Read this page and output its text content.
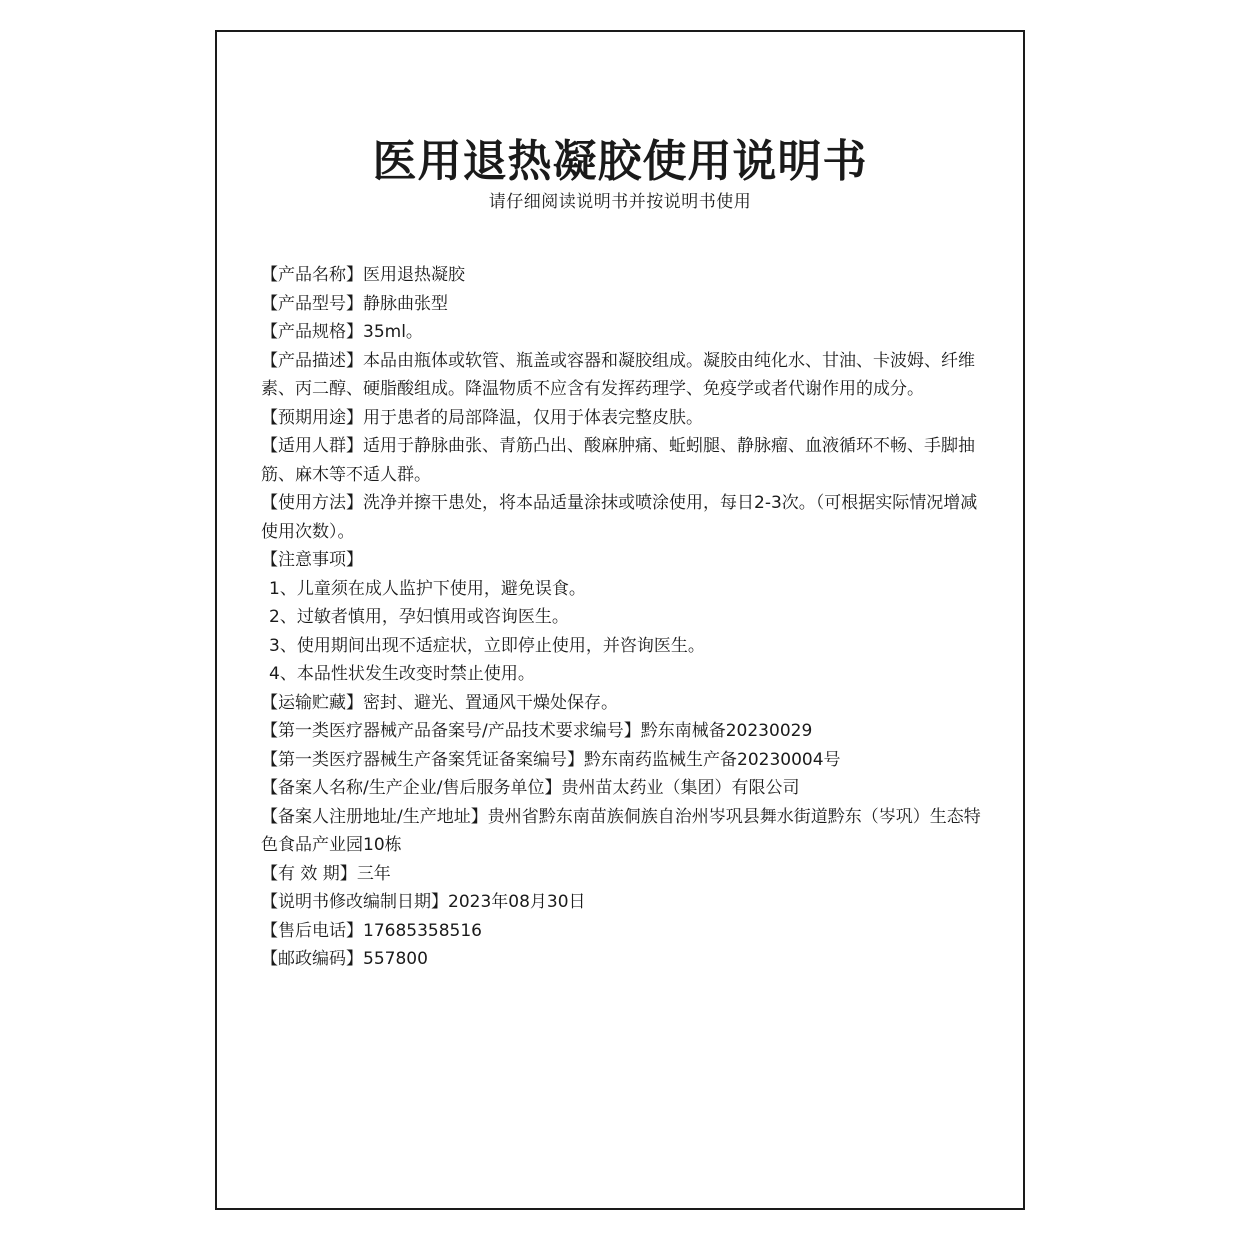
医用退热凝胶使用说明书

请仔细阅读说明书并按说明书使用

【产品名称】医用退热凝胶

【产品型号】静脉曲张型

【产品规格】35ml。

【产品描述】本品由瓶体或软管、瓶盖或容器和凝胶组成。凝胶由纯化水、甘油、卡波姆、纤维素、丙二醇、硬脂酸组成。降温物质不应含有发挥药理学、免疫学或者代谢作用的成分。

【预期用途】用于患者的局部降温，仅用于体表完整皮肤。

【适用人群】适用于静脉曲张、青筋凸出、酸麻肿痛、蚯蚓腿、静脉瘤、血液循环不畅、手脚抽筋、麻木等不适人群。

【使用方法】洗净并擦干患处，将本品适量涂抹或喷涂使用，每日2-3次。（可根据实际情况增减使用次数）。

【注意事项】

1、儿童须在成人监护下使用，避免误食。

2、过敏者慎用，孕妇慎用或咨询医生。

3、使用期间出现不适症状，立即停止使用，并咨询医生。

4、本品性状发生改变时禁止使用。

【运输贮藏】密封、避光、置通风干燥处保存。

【第一类医疗器械产品备案号/产品技术要求编号】黔东南械备20230029

【第一类医疗器械生产备案凭证备案编号】黔东南药监械生产备20230004号

【备案人名称/生产企业/售后服务单位】贵州苗太药业（集团）有限公司

【备案人注册地址/生产地址】贵州省黔东南苗族侗族自治州岑巩县舞水街道黔东（岑巩）生态特色食品产业园10栋

【有 效 期】三年

【说明书修改编制日期】2023年08月30日

【售后电话】17685358516

【邮政编码】557800
